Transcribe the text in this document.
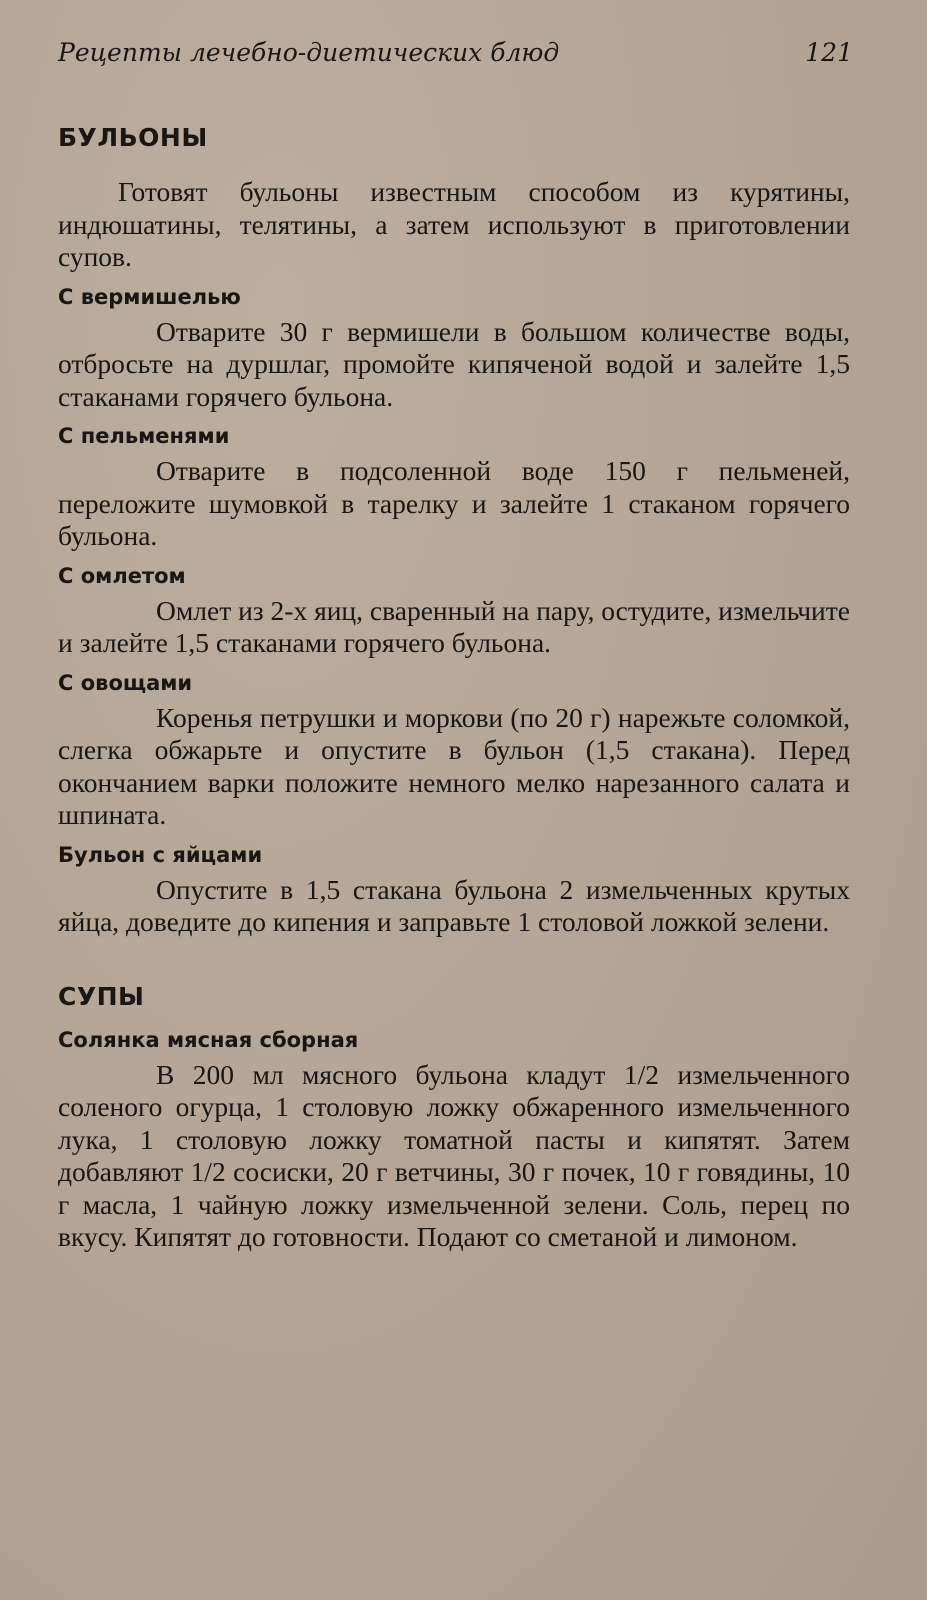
Рецепты лечебно-диетических блюд	121
БУЛЬОНЫ

Готовят бульоны известным способом из курятины, индюшатины, телятины, а затем используют в приготовлении супов.

С вермишелью

Отварите 30 г вермишели в большом количестве воды, отбросьте на дуршлаг, промойте кипяченой водой и залейте 1,5 стаканами горячего бульона.

С пельменями

Отварите в подсоленной воде 150 г пельменей, переложите шумовкой в тарелку и залейте 1 стаканом горячего бульона.

С омлетом

Омлет из 2-х яиц, сваренный на пару, остудите, измельчите и залейте 1,5 стаканами горячего бульона.

С овощами

Коренья петрушки и моркови (по 20 г) нарежьте соломкой, слегка обжарьте и опустите в бульон (1,5 стакана). Перед окончанием варки положите немного мелко нарезанного салата и шпината.

Бульон с яйцами

Опустите в 1,5 стакана бульона 2 измельченных крутых яйца, доведите до кипения и заправьте 1 столовой ложкой зелени.

СУПЫ
Солянка мясная сборная

В 200 мл мясного бульона кладут 1/2 измельченного соленого огурца, 1 столовую ложку обжаренного измельченного лука, 1 столовую ложку томатной пасты и кипятят. Затем добавляют 1/2 сосиски, 20 г ветчины, 30 г почек, 10 г говядины, 10 г масла, 1 чайную ложку измельченной зелени. Соль, перец по вкусу. Кипятят до готовности. Подают со сметаной и лимоном.
